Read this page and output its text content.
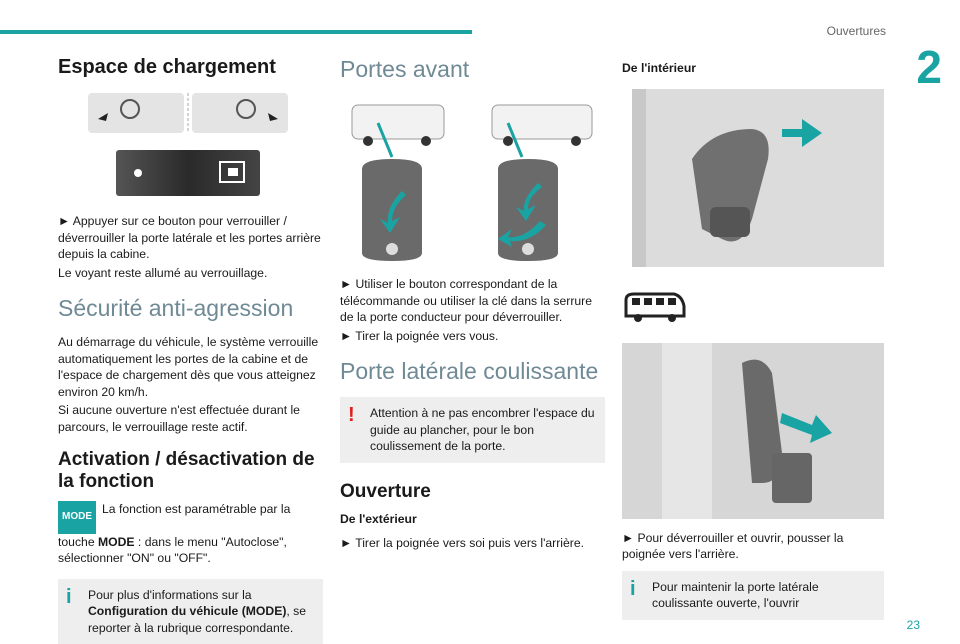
Ouvertures
2
23
Espace de chargement

► Appuyer sur ce bouton pour verrouiller / déverrouiller la porte latérale et les portes arrière depuis la cabine.

Le voyant reste allumé au verrouillage.

Sécurité anti-agression

Au démarrage du véhicule, le système verrouille automatiquement les portes de la cabine et de l'espace de chargement dès que vous atteignez environ 20 km/h.

Si aucune ouverture n'est effectuée durant le parcours, le verrouillage reste actif.

Activation / désactivation de la fonction

MODELa fonction est paramétrable par la touche MODE : dans le menu "Autoclose", sélectionner "ON" ou "OFF".

i	Pour plus d'informations sur la Configuration du véhicule (MODE), se reporter à la rubrique correspondante.
Portes avant

► Utiliser le bouton correspondant de la télécommande ou utiliser la clé dans la serrure de la porte conducteur pour déverrouiller.

► Tirer la poignée vers vous.

Porte latérale coulissante
!	Attention à ne pas encombrer l'espace du guide au plancher, pour le bon coulissement de la porte.
Ouverture

De l'extérieur

► Tirer la poignée vers soi puis vers l'arrière.

De l'intérieur

► Pour déverrouiller et ouvrir, pousser la poignée vers l'arrière.

i	Pour maintenir la porte latérale coulissante ouverte, l'ouvrir
